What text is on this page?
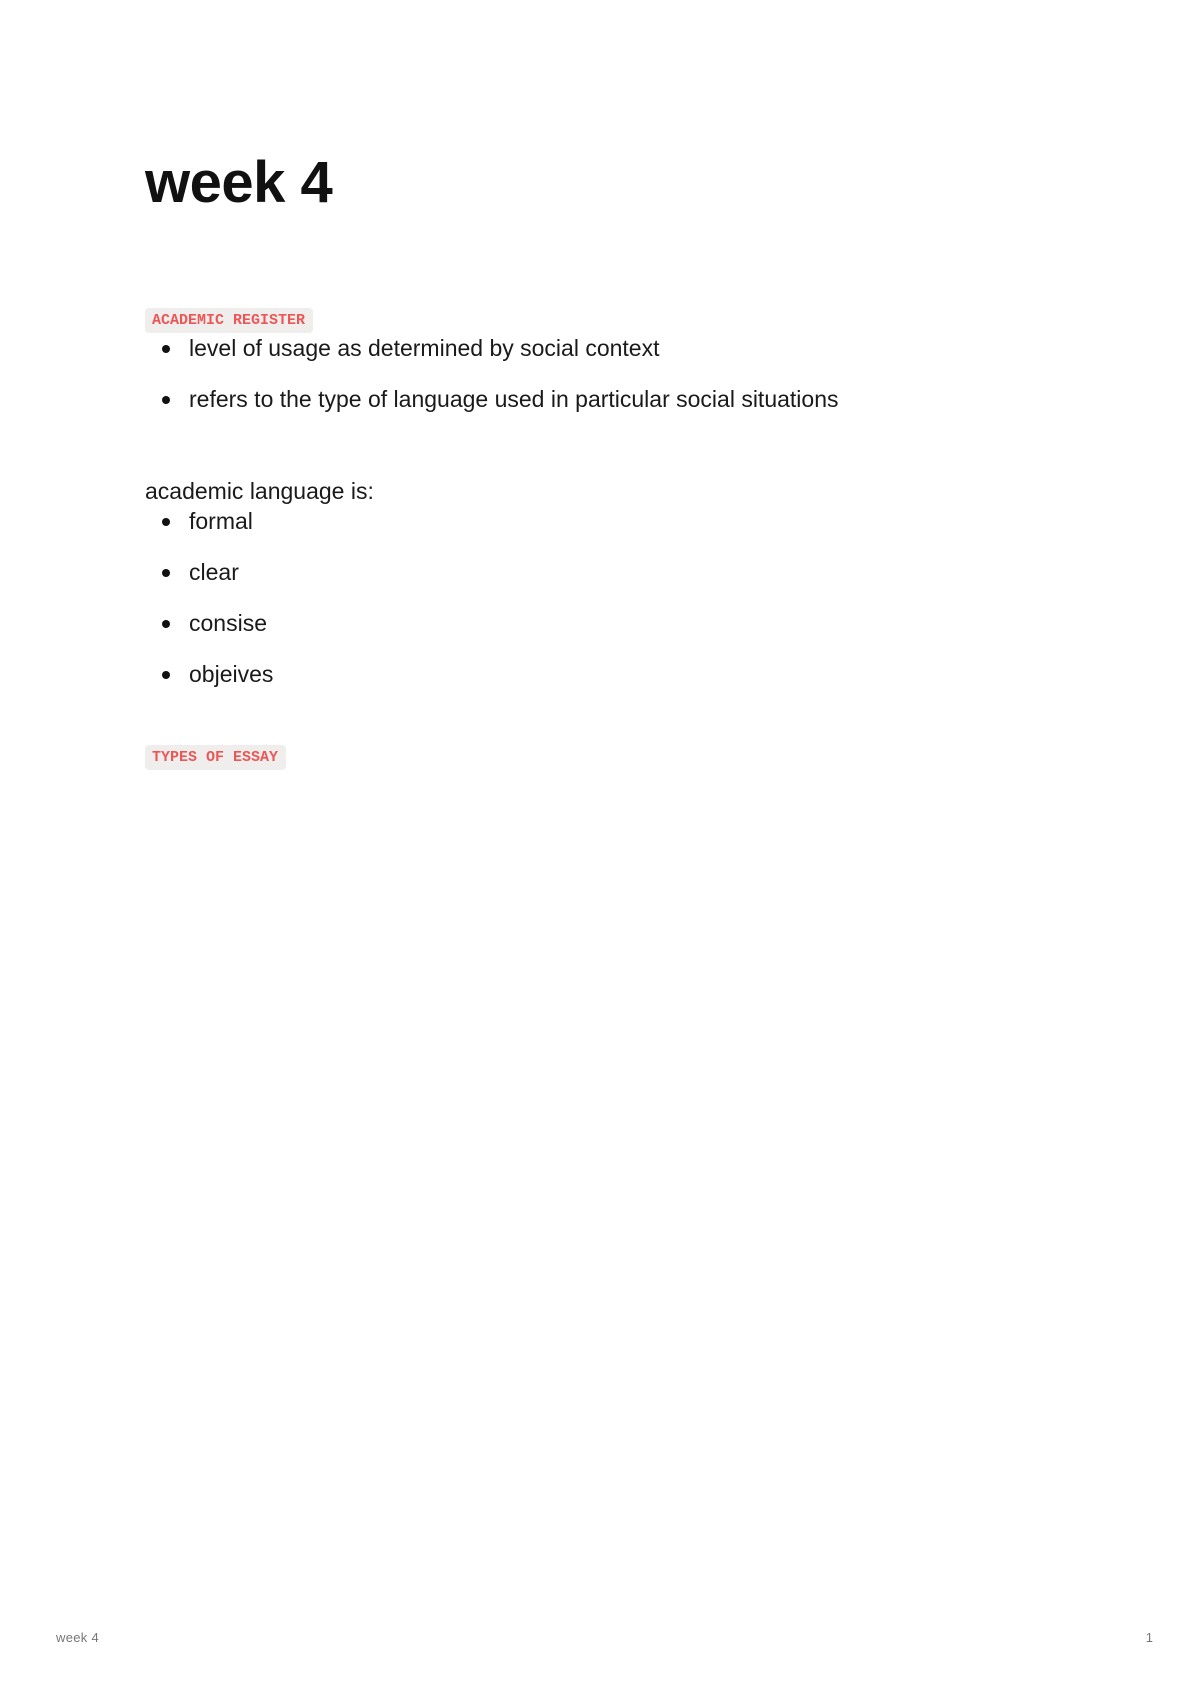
week 4
ACADEMIC REGISTER
level of usage as determined by social context
refers to the type of language used in particular social situations

academic language is:

formal
clear
consise
objeives
TYPES OF ESSAY
week 4	1
